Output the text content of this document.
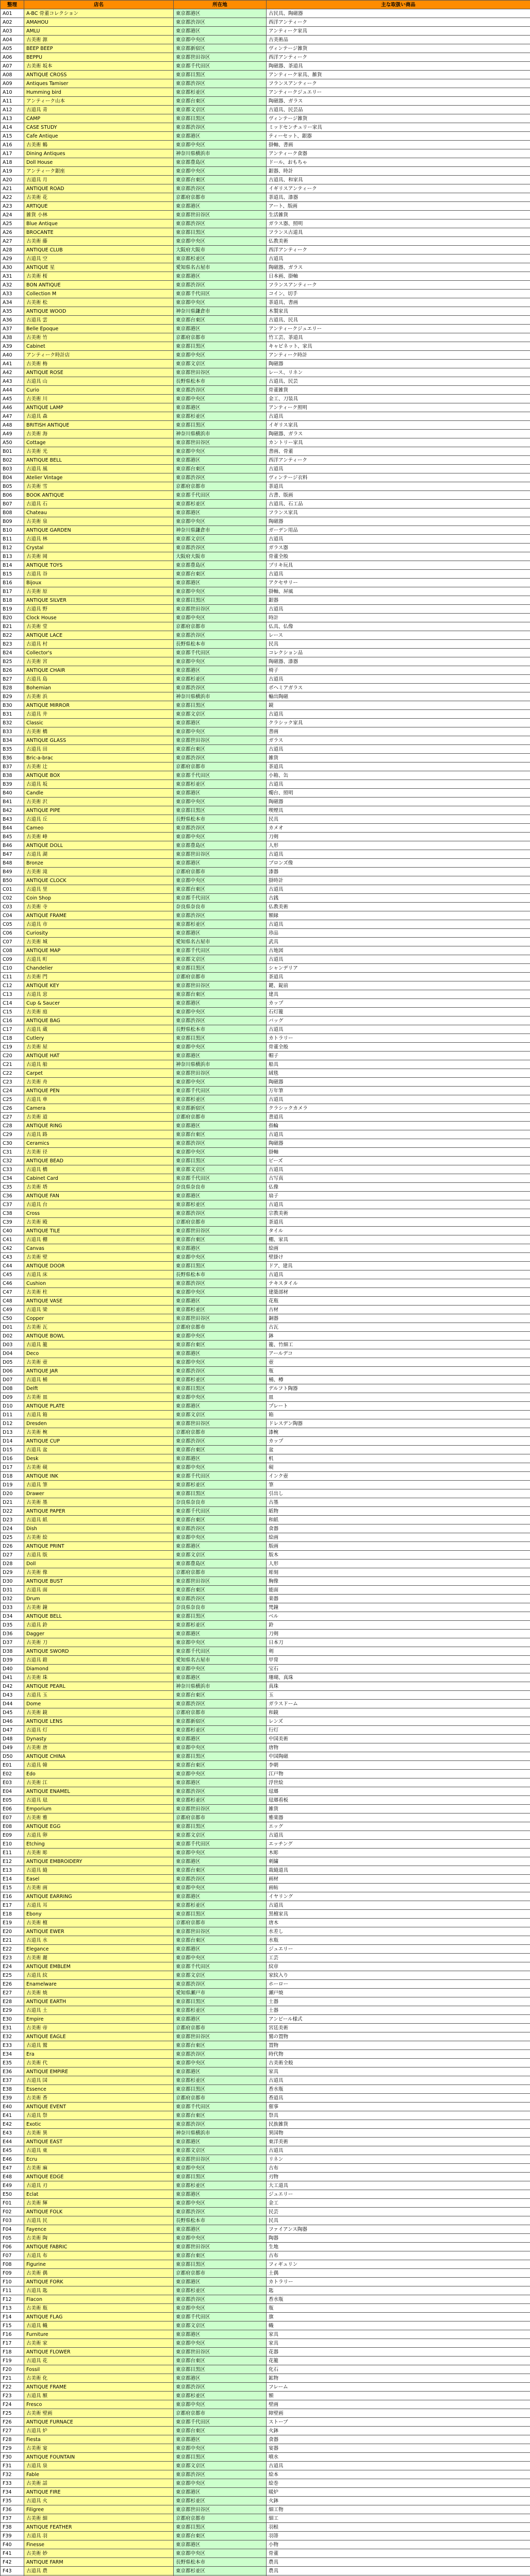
整理	店名	所在地	主な取扱い商品
A01	A-BC 骨董コレクション	東京都港区	古民具、陶磁器
A02	AMAHOU	東京都渋谷区	西洋アンティーク
A03	AMLU	東京都港区	アンティーク家具
A04	古美術 源	東京都中央区	古美術品
A05	BEEP BEEP	東京都新宿区	ヴィンテージ雑貨
A06	BEPPU	東京都世田谷区	西洋アンティーク
A07	古美術 坂本	東京都千代田区	陶磁器、茶道具
A08	ANTIQUE CROSS	東京都目黒区	アンティーク家具、雑貨
A09	Antiques Tamiser	東京都渋谷区	フランスアンティーク
A10	Humming bird	東京都杉並区	アンティークジュエリー
A11	アンティーク山本	東京都台東区	陶磁器、ガラス
A12	古道具 青	東京都文京区	古道具、民芸品
A13	CAMP	東京都目黒区	ヴィンテージ雑貨
A14	CASE STUDY	東京都渋谷区	ミッドセンチュリー家具
A15	Cafe Antique	東京都港区	ティーセット、銀器
A16	古美術 鶴	東京都中央区	掛軸、書画
A17	Dining Antiques	神奈川県横浜市	アンティーク食器
A18	Doll House	東京都豊島区	ドール、おもちゃ
A19	アンティーク銀座	東京都中央区	銀器、時計
A20	古道具 月	東京都台東区	古道具、和家具
A21	ANTIQUE ROAD	東京都渋谷区	イギリスアンティーク
A22	古美術 花	京都府京都市	茶道具、漆器
A23	ARTIQUE	東京都港区	アート、版画
A24	雑貨 小林	東京都世田谷区	生活雑貨
A25	Blue Antique	東京都渋谷区	ガラス器、照明
A26	BROCANTE	東京都目黒区	フランス古道具
A27	古美術 藤	東京都中央区	仏教美術
A28	ANTIQUE CLUB	大阪府大阪市	西洋アンティーク
A29	古道具 空	東京都杉並区	古道具
A30	ANTIQUE 星	愛知県名古屋市	陶磁器、ガラス
A31	古美術 桜	東京都港区	日本画、掛軸
A32	BON ANTIQUE	東京都渋谷区	フランスアンティーク
A33	Collection M	東京都千代田区	コイン、切手
A34	古美術 松	東京都中央区	茶道具、書画
A35	ANTIQUE WOOD	神奈川県鎌倉市	木製家具
A36	古道具 雲	東京都台東区	古道具、民具
A37	Belle Epoque	東京都港区	アンティークジュエリー
A38	古美術 竹	京都府京都市	竹工芸、茶道具
A39	Cabinet	東京都目黒区	キャビネット、家具
A40	アンティーク時計店	東京都中央区	アンティーク時計
A41	古美術 梅	東京都文京区	陶磁器
A42	ANTIQUE ROSE	東京都世田谷区	レース、リネン
A43	古道具 山	長野県松本市	古道具、民芸
A44	Curio	東京都渋谷区	骨董雑貨
A45	古美術 川	東京都中央区	金工、刀装具
A46	ANTIQUE LAMP	東京都港区	アンティーク照明
A47	古道具 森	東京都杉並区	古道具
A48	BRITISH ANTIQUE	東京都目黒区	イギリス家具
A49	古美術 海	神奈川県横浜市	陶磁器、ガラス
A50	Cottage	東京都世田谷区	カントリー家具
B01	古美術 光	東京都中央区	書画、骨董
B02	ANTIQUE BELL	東京都港区	西洋アンティーク
B03	古道具 風	東京都台東区	古道具
B04	Atelier Vintage	東京都渋谷区	ヴィンテージ衣料
B05	古美術 雪	京都府京都市	茶道具
B06	BOOK ANTIQUE	東京都千代田区	古書、版画
B07	古道具 石	東京都杉並区	古道具、石工品
B08	Chateau	東京都港区	フランス家具
B09	古美術 泉	東京都中央区	陶磁器
B10	ANTIQUE GARDEN	神奈川県鎌倉市	ガーデン用品
B11	古道具 林	東京都文京区	古道具
B12	Crystal	東京都渋谷区	ガラス器
B13	古美術 岡	大阪府大阪市	骨董全般
B14	ANTIQUE TOYS	東京都豊島区	ブリキ玩具
B15	古道具 谷	東京都台東区	古道具
B16	Bijoux	東京都港区	アクセサリー
B17	古美術 原	東京都中央区	掛軸、屏風
B18	ANTIQUE SILVER	東京都目黒区	銀器
B19	古道具 野	東京都世田谷区	古道具
B20	Clock House	東京都中央区	時計
B21	古美術 堂	京都府京都市	仏具、仏像
B22	ANTIQUE LACE	東京都渋谷区	レース
B23	古道具 村	長野県松本市	民具
B24	Collector's	東京都千代田区	コレクション品
B25	古美術 宮	東京都中央区	陶磁器、漆器
B26	ANTIQUE CHAIR	東京都港区	椅子
B27	古道具 島	東京都杉並区	古道具
B28	Bohemian	東京都渋谷区	ボヘミアガラス
B29	古美術 浜	神奈川県横浜市	輸出陶磁
B30	ANTIQUE MIRROR	東京都目黒区	鏡
B31	古道具 井	東京都文京区	古道具
B32	Classic	東京都港区	クラシック家具
B33	古美術 橋	東京都中央区	書画
B34	ANTIQUE GLASS	東京都世田谷区	ガラス
B35	古道具 田	東京都台東区	古道具
B36	Bric-a-brac	東京都渋谷区	雑貨
B37	古美術 辻	京都府京都市	茶道具
B38	ANTIQUE BOX	東京都千代田区	小箱、缶
B39	古道具 坂	東京都杉並区	古道具
B40	Candle	東京都港区	燭台、照明
B41	古美術 沢	東京都中央区	陶磁器
B42	ANTIQUE PIPE	東京都目黒区	喫煙具
B43	古道具 丘	長野県松本市	民具
B44	Cameo	東京都渋谷区	カメオ
B45	古美術 峰	東京都中央区	刀剣
B46	ANTIQUE DOLL	東京都豊島区	人形
B47	古道具 湖	東京都世田谷区	古道具
B48	Bronze	東京都港区	ブロンズ像
B49	古美術 滝	京都府京都市	漆器
B50	ANTIQUE CLOCK	東京都中央区	掛時計
C01	古道具 里	東京都台東区	古道具
C02	Coin Shop	東京都千代田区	古銭
C03	古美術 寺	奈良県奈良市	仏教美術
C04	ANTIQUE FRAME	東京都渋谷区	額縁
C05	古道具 市	東京都杉並区	古道具
C06	Curiosity	東京都港区	珍品
C07	古美術 城	愛知県名古屋市	武具
C08	ANTIQUE MAP	東京都千代田区	古地図
C09	古道具 町	東京都文京区	古道具
C10	Chandelier	東京都目黒区	シャンデリア
C11	古美術 門	京都府京都市	茶道具
C12	ANTIQUE KEY	東京都世田谷区	鍵、錠前
C13	古道具 窓	東京都台東区	建具
C14	Cup & Saucer	東京都港区	カップ
C15	古美術 庭	東京都中央区	石灯籠
C16	ANTIQUE BAG	東京都渋谷区	バッグ
C17	古道具 蔵	長野県松本市	古道具
C18	Cutlery	東京都目黒区	カトラリー
C19	古美術 屋	東京都中央区	骨董全般
C20	ANTIQUE HAT	東京都港区	帽子
C21	古道具 船	神奈川県横浜市	船具
C22	Carpet	東京都世田谷区	絨毯
C23	古美術 舟	東京都中央区	陶磁器
C24	ANTIQUE PEN	東京都千代田区	万年筆
C25	古道具 車	東京都杉並区	古道具
C26	Camera	東京都新宿区	クラシックカメラ
C27	古美術 道	京都府京都市	書道具
C28	ANTIQUE RING	東京都港区	指輪
C29	古道具 路	東京都台東区	古道具
C30	Ceramics	東京都渋谷区	陶磁器
C31	古美術 径	東京都中央区	掛軸
C32	ANTIQUE BEAD	東京都目黒区	ビーズ
C33	古道具 橋	東京都文京区	古道具
C34	Cabinet Card	東京都千代田区	古写真
C35	古美術 塔	奈良県奈良市	仏像
C36	ANTIQUE FAN	東京都港区	扇子
C37	古道具 台	東京都杉並区	古道具
C38	Cross	東京都渋谷区	宗教美術
C39	古美術 殿	京都府京都市	茶道具
C40	ANTIQUE TILE	東京都世田谷区	タイル
C41	古道具 棚	東京都台東区	棚、家具
C42	Canvas	東京都港区	絵画
C43	古美術 壁	東京都中央区	壁掛け
C44	ANTIQUE DOOR	東京都目黒区	ドア、建具
C45	古道具 床	長野県松本市	古道具
C46	Cushion	東京都渋谷区	テキスタイル
C47	古美術 柱	東京都中央区	建築部材
C48	ANTIQUE VASE	東京都港区	花瓶
C49	古道具 梁	東京都杉並区	古材
C50	Copper	東京都世田谷区	銅器
D01	古美術 瓦	京都府京都市	古瓦
D02	ANTIQUE BOWL	東京都中央区	鉢
D03	古道具 籠	東京都台東区	籠、竹細工
D04	Deco	東京都港区	アールデコ
D05	古美術 壺	東京都中央区	壺
D06	ANTIQUE JAR	東京都渋谷区	瓶
D07	古道具 桶	東京都杉並区	桶、樽
D08	Delft	東京都目黒区	デルフト陶器
D09	古美術 皿	東京都中央区	皿
D10	ANTIQUE PLATE	東京都港区	プレート
D11	古道具 箱	東京都文京区	箱
D12	Dresden	東京都世田谷区	ドレスデン陶器
D13	古美術 椀	京都府京都市	漆椀
D14	ANTIQUE CUP	東京都渋谷区	カップ
D15	古道具 盆	東京都台東区	盆
D16	Desk	東京都港区	机
D17	古美術 硯	東京都中央区	硯
D18	ANTIQUE INK	東京都千代田区	インク壺
D19	古道具 筆	東京都杉並区	筆
D20	Drawer	東京都目黒区	引出し
D21	古美術 墨	奈良県奈良市	古墨
D22	ANTIQUE PAPER	東京都千代田区	紙物
D23	古道具 紙	東京都台東区	和紙
D24	Dish	東京都渋谷区	食器
D25	古美術 絵	東京都中央区	絵画
D26	ANTIQUE PRINT	東京都港区	版画
D27	古道具 版	東京都文京区	版木
D28	Doll	東京都豊島区	人形
D29	古美術 像	京都府京都市	彫刻
D30	ANTIQUE BUST	東京都世田谷区	胸像
D31	古道具 面	東京都台東区	能面
D32	Drum	東京都渋谷区	楽器
D33	古美術 鐘	奈良県奈良市	梵鐘
D34	ANTIQUE BELL	東京都目黒区	ベル
D35	古道具 鈴	東京都杉並区	鈴
D36	Dagger	東京都港区	刀剣
D37	古美術 刀	東京都中央区	日本刀
D38	ANTIQUE SWORD	東京都千代田区	剣
D39	古道具 鎧	愛知県名古屋市	甲冑
D40	Diamond	東京都中央区	宝石
D41	古美術 珠	東京都港区	珊瑚、真珠
D42	ANTIQUE PEARL	神奈川県横浜市	真珠
D43	古道具 玉	東京都台東区	玉
D44	Dome	東京都渋谷区	ガラスドーム
D45	古美術 鏡	京都府京都市	和鏡
D46	ANTIQUE LENS	東京都新宿区	レンズ
D47	古道具 灯	東京都杉並区	行灯
D48	Dynasty	東京都港区	中国美術
D49	古美術 唐	東京都中央区	唐物
D50	ANTIQUE CHINA	東京都目黒区	中国陶磁
E01	古道具 韓	東京都台東区	李朝
E02	Edo	東京都中央区	江戸物
E03	古美術 江	東京都港区	浮世絵
E04	ANTIQUE ENAMEL	東京都渋谷区	琺瑯
E05	古道具 琺	東京都杉並区	琺瑯看板
E06	Emporium	東京都世田谷区	雑貨
E07	古美術 雅	京都府京都市	雅楽器
E08	ANTIQUE EGG	東京都目黒区	エッグ
E09	古道具 卵	東京都文京区	古道具
E10	Etching	東京都千代田区	エッチング
E11	古美術 彫	東京都中央区	木彫
E12	ANTIQUE EMBROIDERY	東京都港区	刺繍
E13	古道具 縫	東京都台東区	裁縫道具
E14	Easel	東京都渋谷区	画材
E15	古美術 画	東京都中央区	画帖
E16	ANTIQUE EARRING	東京都港区	イヤリング
E17	古道具 耳	東京都杉並区	古道具
E18	Ebony	東京都目黒区	黒檀家具
E19	古美術 檀	京都府京都市	唐木
E20	ANTIQUE EWER	東京都世田谷区	水差し
E21	古道具 水	東京都台東区	水瓶
E22	Elegance	東京都港区	ジュエリー
E23	古美術 麗	東京都中央区	工芸
E24	ANTIQUE EMBLEM	東京都千代田区	紋章
E25	古道具 紋	東京都文京区	家紋入り
E26	Enamelware	東京都渋谷区	ホーロー
E27	古美術 焼	愛知県瀬戸市	瀬戸焼
E28	ANTIQUE EARTH	東京都目黒区	土器
E29	古道具 土	東京都杉並区	土器
E30	Empire	東京都港区	アンピール様式
E31	古美術 帝	京都府京都市	宮廷美術
E32	ANTIQUE EAGLE	東京都世田谷区	鷲の置物
E33	古道具 鷲	東京都台東区	置物
E34	Era	東京都渋谷区	時代物
E35	古美術 代	東京都中央区	古美術全般
E36	ANTIQUE EMPIRE	東京都港区	家具
E37	古道具 国	東京都杉並区	古道具
E38	Essence	東京都目黒区	香水瓶
E39	古美術 香	京都府京都市	香道具
E40	ANTIQUE EVENT	東京都千代田区	催事
E41	古道具 祭	東京都台東区	祭具
E42	Exotic	東京都渋谷区	民族雑貨
E43	古美術 異	神奈川県横浜市	異国物
E44	ANTIQUE EAST	東京都港区	東洋美術
E45	古道具 東	東京都文京区	古道具
E46	Ecru	東京都世田谷区	リネン
E47	古美術 麻	東京都中央区	古布
E48	ANTIQUE EDGE	東京都目黒区	刃物
E49	古道具 刃	東京都杉並区	大工道具
E50	Eclat	東京都港区	ジュエリー
F01	古美術 輝	東京都中央区	金工
F02	ANTIQUE FOLK	東京都渋谷区	民芸
F03	古道具 民	長野県松本市	民具
F04	Fayence	東京都港区	ファイアンス陶器
F05	古美術 陶	東京都中央区	陶器
F06	ANTIQUE FABRIC	東京都世田谷区	生地
F07	古道具 布	東京都台東区	古布
F08	Figurine	東京都目黒区	フィギュリン
F09	古美術 偶	京都府京都市	土偶
F10	ANTIQUE FORK	東京都港区	カトラリー
F11	古道具 匙	東京都杉並区	匙
F12	Flacon	東京都渋谷区	香水瓶
F13	古美術 瓶	東京都中央区	瓶
F14	ANTIQUE FLAG	東京都千代田区	旗
F15	古道具 幟	東京都文京区	幟
F16	Furniture	東京都港区	家具
F17	古美術 家	東京都中央区	家具
F18	ANTIQUE FLOWER	東京都世田谷区	花器
F19	古道具 花	東京都台東区	花籠
F20	Fossil	東京都目黒区	化石
F21	古美術 化	東京都港区	鉱物
F22	ANTIQUE FRAME	東京都渋谷区	フレーム
F23	古道具 額	東京都杉並区	額
F24	Fresco	東京都中央区	壁画
F25	古美術 壁画	京都府京都市	障壁画
F26	ANTIQUE FURNACE	東京都千代田区	ストーブ
F27	古道具 炉	東京都台東区	火鉢
F28	Fiesta	東京都港区	食器
F29	古美術 宴	東京都中央区	宴器
F30	ANTIQUE FOUNTAIN	東京都目黒区	噴水
F31	古道具 泉	東京都文京区	古道具
F32	Fable	東京都渋谷区	絵本
F33	古美術 話	東京都中央区	絵巻
F34	ANTIQUE FIRE	東京都港区	暖炉
F35	古道具 火	東京都杉並区	火鉢
F36	Filigree	東京都世田谷区	細工物
F37	古美術 細	京都府京都市	細工
F38	ANTIQUE FEATHER	東京都目黒区	羽根
F39	古道具 羽	東京都台東区	羽箒
F40	Finesse	東京都港区	小物
F41	古美術 妙	東京都中央区	骨董
F42	ANTIQUE FARM	長野県松本市	農具
F43	古道具 農	東京都杉並区	農具
